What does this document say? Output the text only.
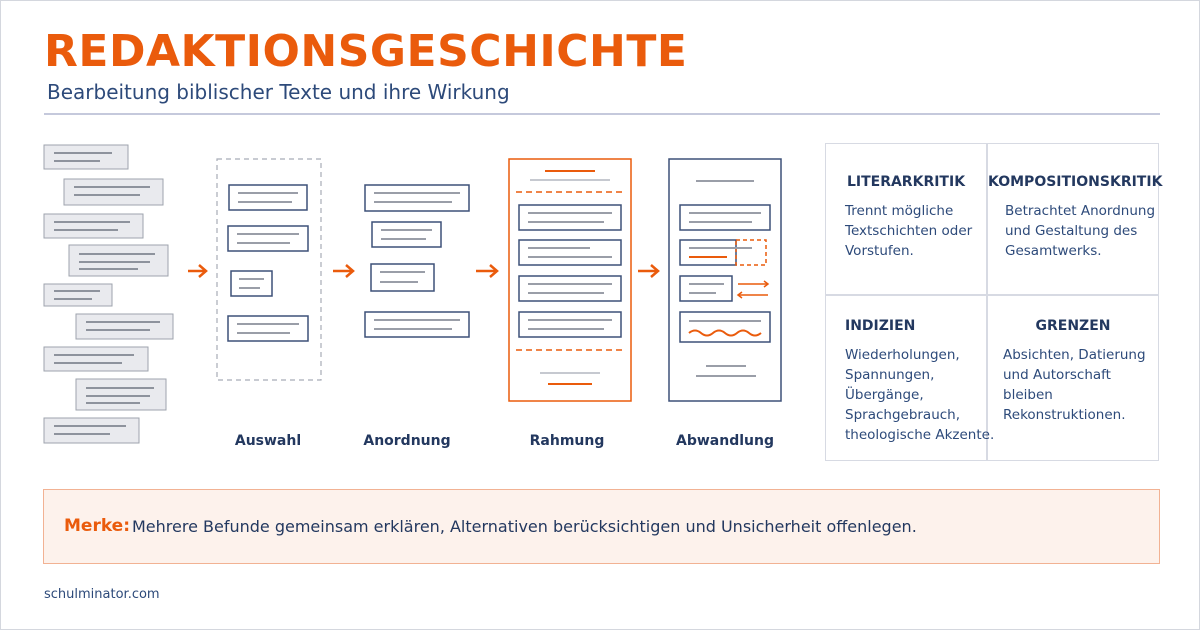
REDAKTIONSGESCHICHTE
Bearbeitung biblischer Texte und ihre Wirkung
Auswahl	Anordnung	Rahmung	Abwandlung
LITERARKRITIK
Trennt mögliche
Textschichten oder
Vorstufen.
KOMPOSITIONSKRITIK
Betrachtet Anordnung
und Gestaltung des
Gesamtwerks.
INDIZIEN
Wiederholungen,
Spannungen,
Übergänge,
Sprachgebrauch,
theologische Akzente.
GRENZEN
Absichten, Datierung
und Autorschaft
bleiben
Rekonstruktionen.
Merke: Mehrere Befunde gemeinsam erklären, Alternativen berücksichtigen und Unsicherheit offenlegen.
schulminator.com
